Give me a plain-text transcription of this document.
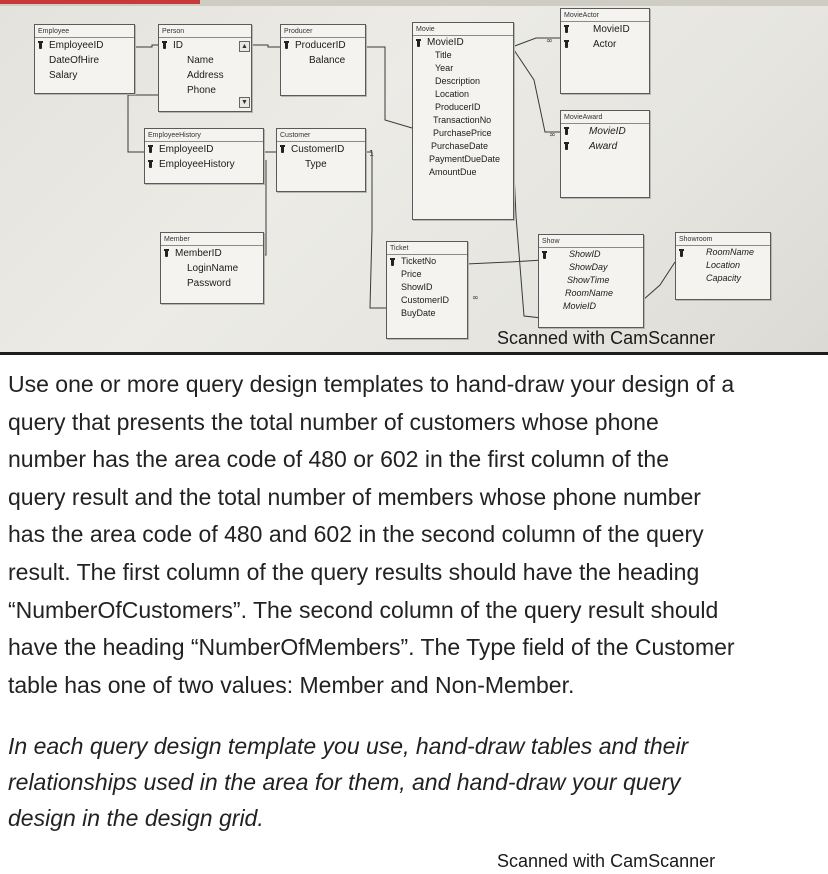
∞
∞
1
∞
Employee
EmployeeID
DateOfHire
Salary
Person
ID
Name
Address
Phone
▲
▼
Producer
ProducerID
Balance
Movie
MovieID
Title
Year
Description
Location
ProducerID
TransactionNo
PurchasePrice
PurchaseDate
PaymentDueDate
AmountDue
MovieActor
MovieID
Actor
MovieAward
MovieID
Award
EmployeeHistory
EmployeeID
EmployeeHistory
Customer
CustomerID
Type
Member
MemberID
LoginName
Password
Ticket
TicketNo
Price
ShowID
CustomerID
BuyDate
Show
ShowID
ShowDay
ShowTime
RoomName
MovieID
Showroom
RoomName
Location
Capacity
Scanned with CamScanner
Use one or more query design templates to hand-draw your design of a
query that presents the total number of customers whose phone
number has the area code of 480 or 602 in the first column of the
query result and the total number of members whose phone number
has the area code of 480 and 602 in the second column of the query
result. The first column of the query results should have the heading
“NumberOfCustomers”. The second column of the query result should
have the heading “NumberOfMembers”. The Type field of the Customer
table has one of two values: Member and Non-Member.
In each query design template you use, hand-draw tables and their
relationships used in the area for them, and hand-draw your query
design in the design grid.
Scanned with CamScanner
